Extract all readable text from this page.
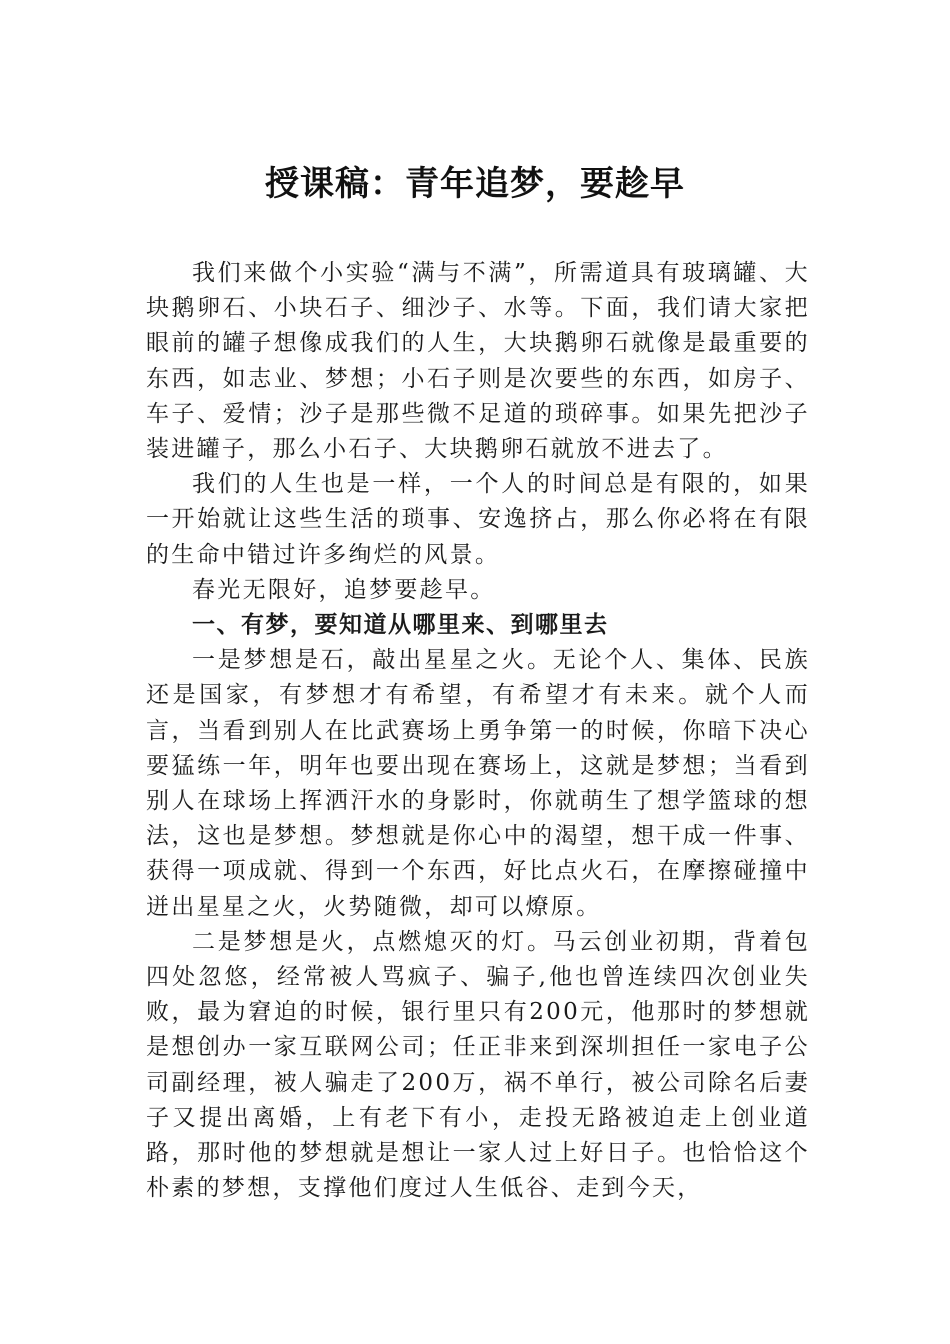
授课稿：青年追梦，要趁早

我们来做个小实验“满与不满”，所需道具有玻璃罐、大块鹅卵石、小块石子、细沙子、水等。下面，我们请大家把眼前的罐子想像成我们的人生，大块鹅卵石就像是最重要的东西，如志业、梦想；小石子则是次要些的东西，如房子、车子、爱情；沙子是那些微不足道的琐碎事。如果先把沙子装进罐子，那么小石子、大块鹅卵石就放不进去了。

我们的人生也是一样，一个人的时间总是有限的，如果一开始就让这些生活的琐事、安逸挤占，那么你必将在有限的生命中错过许多绚烂的风景。

春光无限好，追梦要趁早。

一、有梦，要知道从哪里来、到哪里去

一是梦想是石，敲出星星之火。无论个人、集体、民族还是国家，有梦想才有希望，有希望才有未来。就个人而言，当看到别人在比武赛场上勇争第一的时候，你暗下决心要猛练一年，明年也要出现在赛场上，这就是梦想；当看到别人在球场上挥洒汗水的身影时，你就萌生了想学篮球的想法，这也是梦想。梦想就是你心中的渴望，想干成一件事、获得一项成就、得到一个东西，好比点火石，在摩擦碰撞中迸出星星之火，火势随微，却可以燎原。

二是梦想是火，点燃熄灭的灯。马云创业初期，背着包四处忽悠，经常被人骂疯子、骗子,他也曾连续四次创业失败，最为窘迫的时候，银行里只有200元，他那时的梦想就是想创办一家互联网公司；任正非来到深圳担任一家电子公司副经理，被人骗走了200万，祸不单行，被公司除名后妻子又提出离婚，上有老下有小，走投无路被迫走上创业道路，那时他的梦想就是想让一家人过上好日子。也恰恰这个朴素的梦想，支撑他们度过人生低谷、走到今天，
